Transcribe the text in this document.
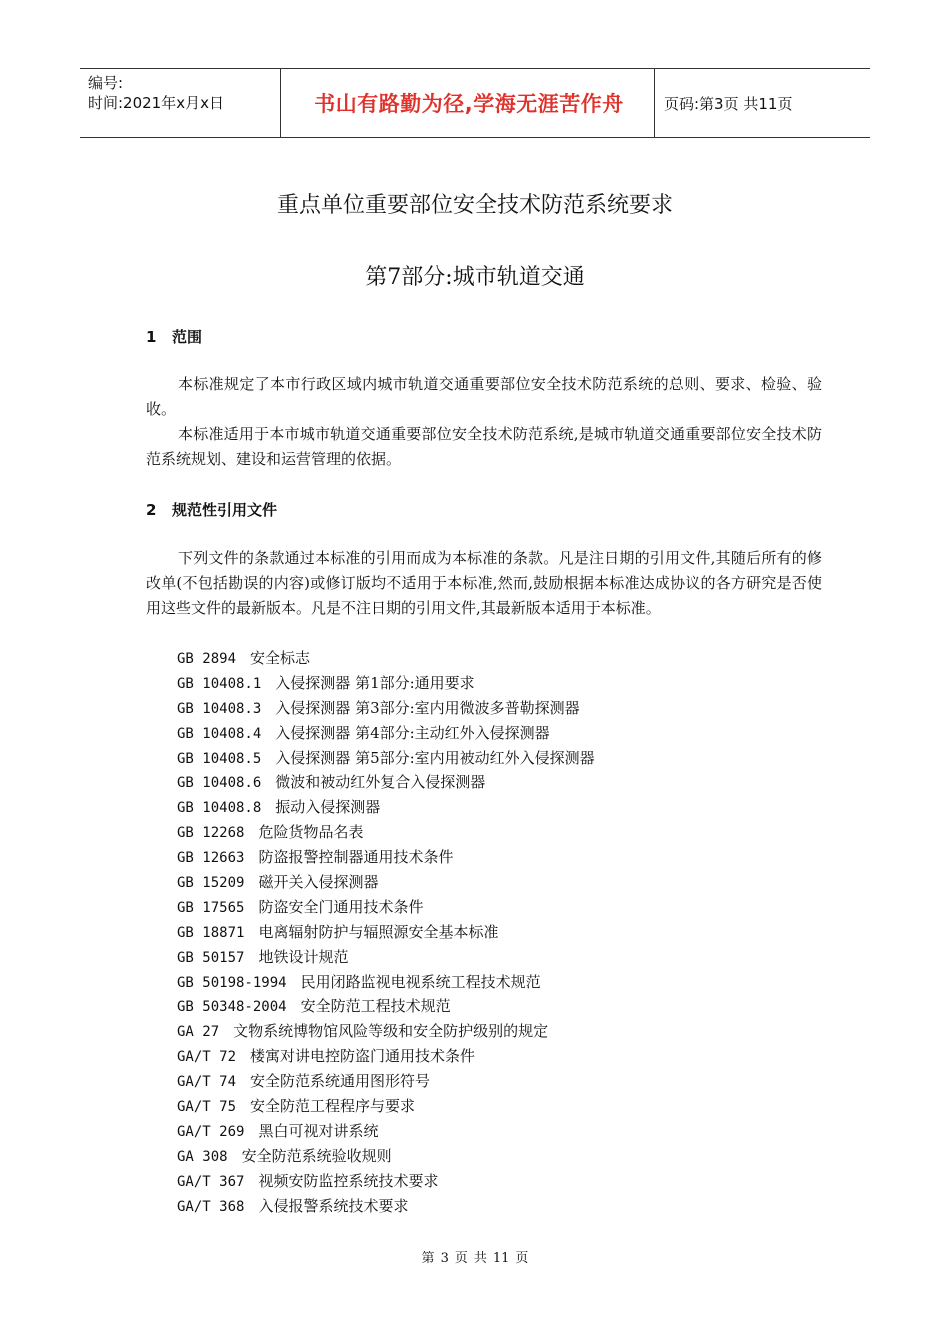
编号:
时间:2021年x月x日	书山有路勤为径,学海无涯苦作舟	页码:第3页 共11页
重点单位重要部位安全技术防范系统要求
第7部分:城市轨道交通
1 范围
本标准规定了本市行政区域内城市轨道交通重要部位安全技术防范系统的总则、要求、检验、验收。
本标准适用于本市城市轨道交通重要部位安全技术防范系统,是城市轨道交通重要部位安全技术防范系统规划、建设和运营管理的依据。
2 规范性引用文件
下列文件的条款通过本标准的引用而成为本标准的条款。凡是注日期的引用文件,其随后所有的修改单(不包括勘误的内容)或修订版均不适用于本标准,然而,鼓励根据本标准达成协议的各方研究是否使用这些文件的最新版本。凡是不注日期的引用文件,其最新版本适用于本标准。
GB 2894 安全标志
GB 10408.1 入侵探测器 第1部分:通用要求
GB 10408.3 入侵探测器 第3部分:室内用微波多普勒探测器
GB 10408.4 入侵探测器 第4部分:主动红外入侵探测器
GB 10408.5 入侵探测器 第5部分:室内用被动红外入侵探测器
GB 10408.6 微波和被动红外复合入侵探测器
GB 10408.8 振动入侵探测器
GB 12268 危险货物品名表
GB 12663 防盗报警控制器通用技术条件
GB 15209 磁开关入侵探测器
GB 17565 防盗安全门通用技术条件
GB 18871 电离辐射防护与辐照源安全基本标准
GB 50157 地铁设计规范
GB 50198-1994 民用闭路监视电视系统工程技术规范
GB 50348-2004 安全防范工程技术规范
GA 27 文物系统博物馆风险等级和安全防护级别的规定
GA/T 72 楼寓对讲电控防盗门通用技术条件
GA/T 74 安全防范系统通用图形符号
GA/T 75 安全防范工程程序与要求
GA/T 269 黑白可视对讲系统
GA 308 安全防范系统验收规则
GA/T 367 视频安防监控系统技术要求
GA/T 368 入侵报警系统技术要求
第 3 页 共 11 页
